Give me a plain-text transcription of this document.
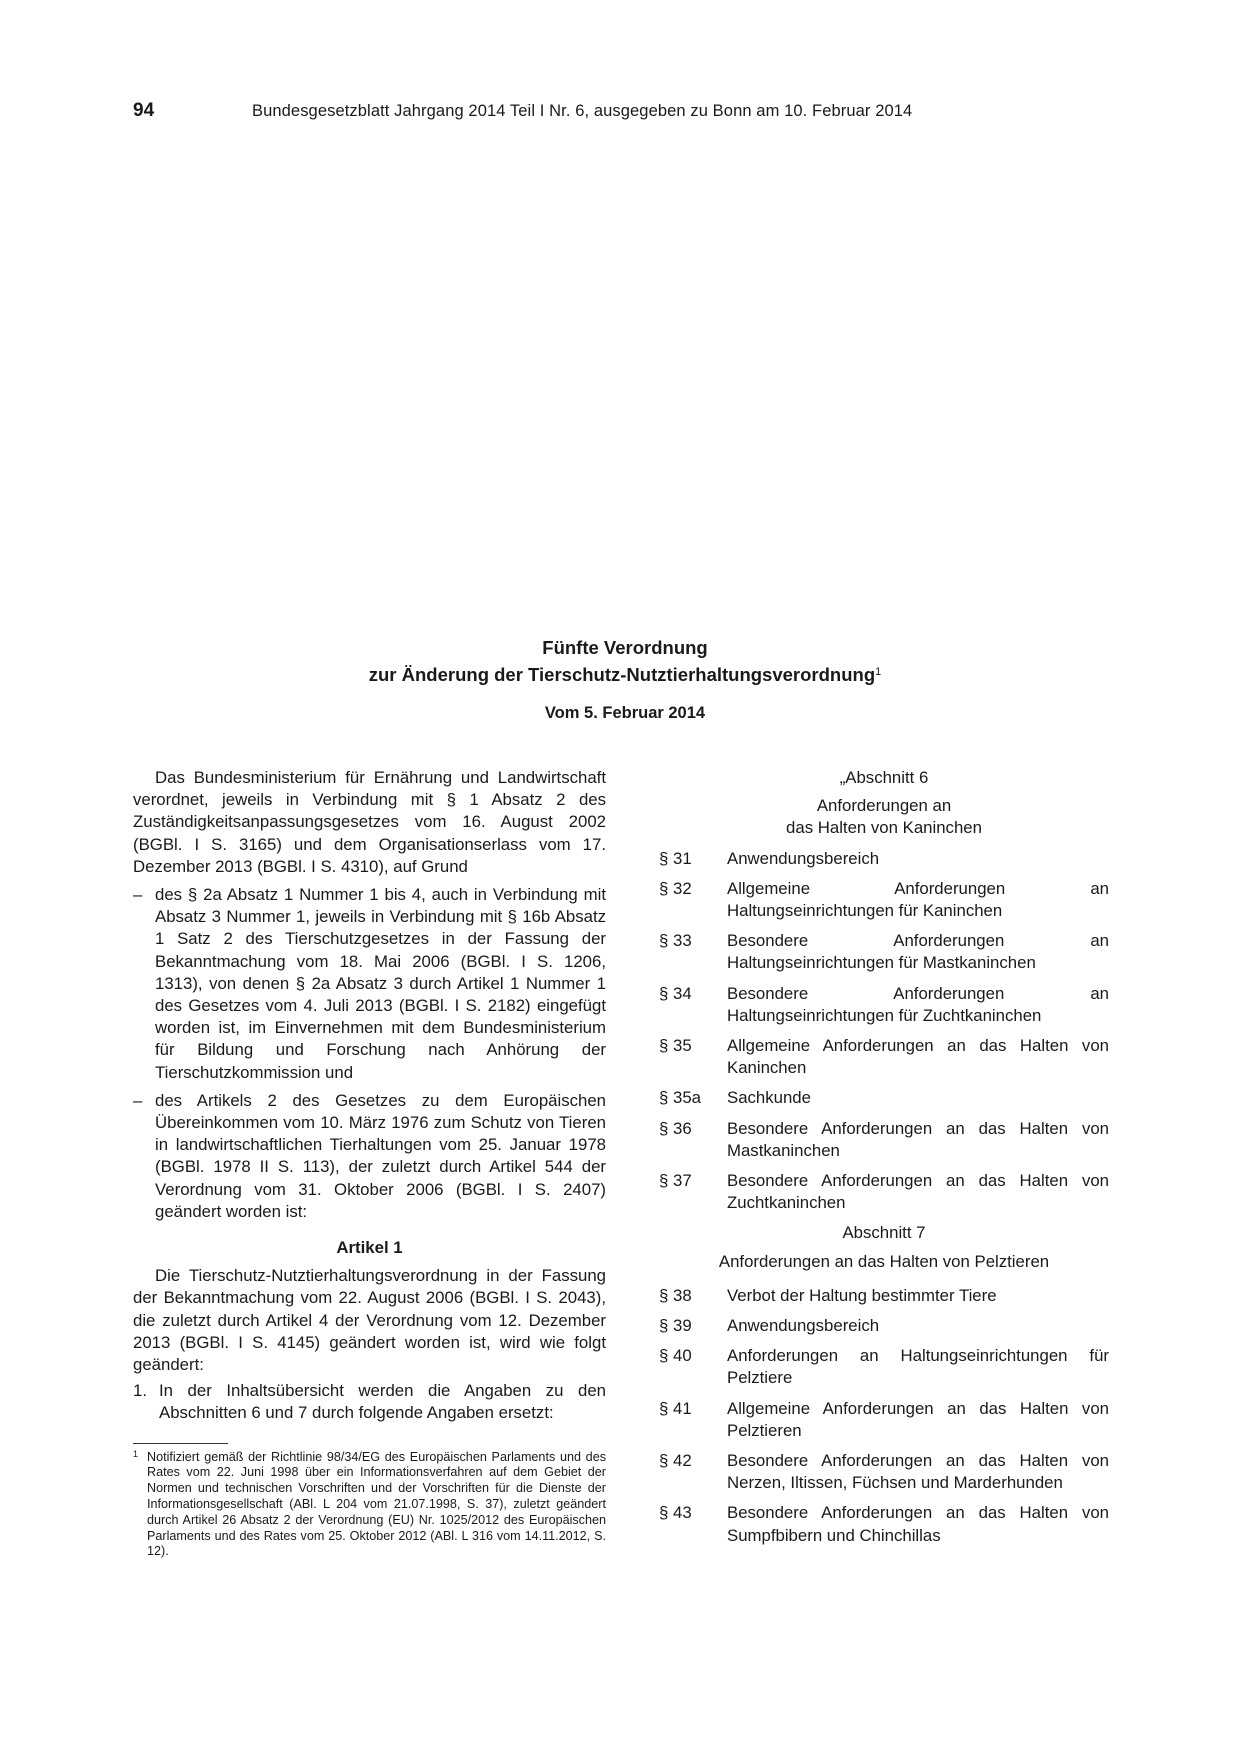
94	Bundesgesetzblatt Jahrgang 2014 Teil I Nr. 6, ausgegeben zu Bonn am 10. Februar 2014
Fünfte Verordnung
zur Änderung der Tierschutz-Nutztierhaltungsverordnung$^1$
Vom 5. Februar 2014

Das Bundesministerium für Ernährung und Landwirtschaft verordnet, jeweils in Verbindung mit § 1 Absatz 2 des Zuständigkeitsanpassungsgesetzes vom 16. August 2002 (BGBl. I S. 3165) und dem Organisationserlass vom 17. Dezember 2013 (BGBl. I S. 4310), auf Grund

– des § 2a Absatz 1 Nummer 1 bis 4, auch in Verbindung mit Absatz 3 Nummer 1, jeweils in Verbindung mit § 16b Absatz 1 Satz 2 des Tierschutzgesetzes in der Fassung der Bekanntmachung vom 18. Mai 2006 (BGBl. I S. 1206, 1313), von denen § 2a Absatz 3 durch Artikel 1 Nummer 1 des Gesetzes vom 4. Juli 2013 (BGBl. I S. 2182) eingefügt worden ist, im Einvernehmen mit dem Bundesministerium für Bildung und Forschung nach Anhörung der Tierschutzkommission und
– des Artikels 2 des Gesetzes zu dem Europäischen Übereinkommen vom 10. März 1976 zum Schutz von Tieren in landwirtschaftlichen Tierhaltungen vom 25. Januar 1978 (BGBl. 1978 II S. 113), der zuletzt durch Artikel 544 der Verordnung vom 31. Oktober 2006 (BGBl. I S. 2407) geändert worden ist:
Artikel 1

Die Tierschutz-Nutztierhaltungsverordnung in der Fassung der Bekanntmachung vom 22. August 2006 (BGBl. I S. 2043), die zuletzt durch Artikel 4 der Verordnung vom 12. Dezember 2013 (BGBl. I S. 4145) geändert worden ist, wird wie folgt geändert:

1. In der Inhaltsübersicht werden die Angaben zu den Abschnitten 6 und 7 durch folgende Angaben ersetzt:
1 Notifiziert gemäß der Richtlinie 98/34/EG des Europäischen Parlaments und des Rates vom 22. Juni 1998 über ein Informationsverfahren auf dem Gebiet der Normen und technischen Vorschriften und der Vorschriften für die Dienste der Informationsgesellschaft (ABl. L 204 vom 21.07.1998, S. 37), zuletzt geändert durch Artikel 26 Absatz 2 der Verordnung (EU) Nr. 1025/2012 des Europäischen Parlaments und des Rates vom 25. Oktober 2012 (ABl. L 316 vom 14.11.2012, S. 12).
„Abschnitt 6
Anforderungen an
das Halten von Kaninchen
§ 31 Anwendungsbereich
§ 32 Allgemeine Anforderungen an Haltungseinrichtungen für Kaninchen
§ 33 Besondere Anforderungen an Haltungseinrichtungen für Mastkaninchen
§ 34 Besondere Anforderungen an Haltungseinrichtungen für Zuchtkaninchen
§ 35 Allgemeine Anforderungen an das Halten von Kaninchen
§ 35a Sachkunde
§ 36 Besondere Anforderungen an das Halten von Mastkaninchen
§ 37 Besondere Anforderungen an das Halten von Zuchtkaninchen
Abschnitt 7
Anforderungen an das Halten von Pelztieren
§ 38 Verbot der Haltung bestimmter Tiere
§ 39 Anwendungsbereich
§ 40 Anforderungen an Haltungseinrichtungen für Pelztiere
§ 41 Allgemeine Anforderungen an das Halten von Pelztieren
§ 42 Besondere Anforderungen an das Halten von Nerzen, Iltissen, Füchsen und Marderhunden
§ 43 Besondere Anforderungen an das Halten von Sumpfbibern und Chinchillas
